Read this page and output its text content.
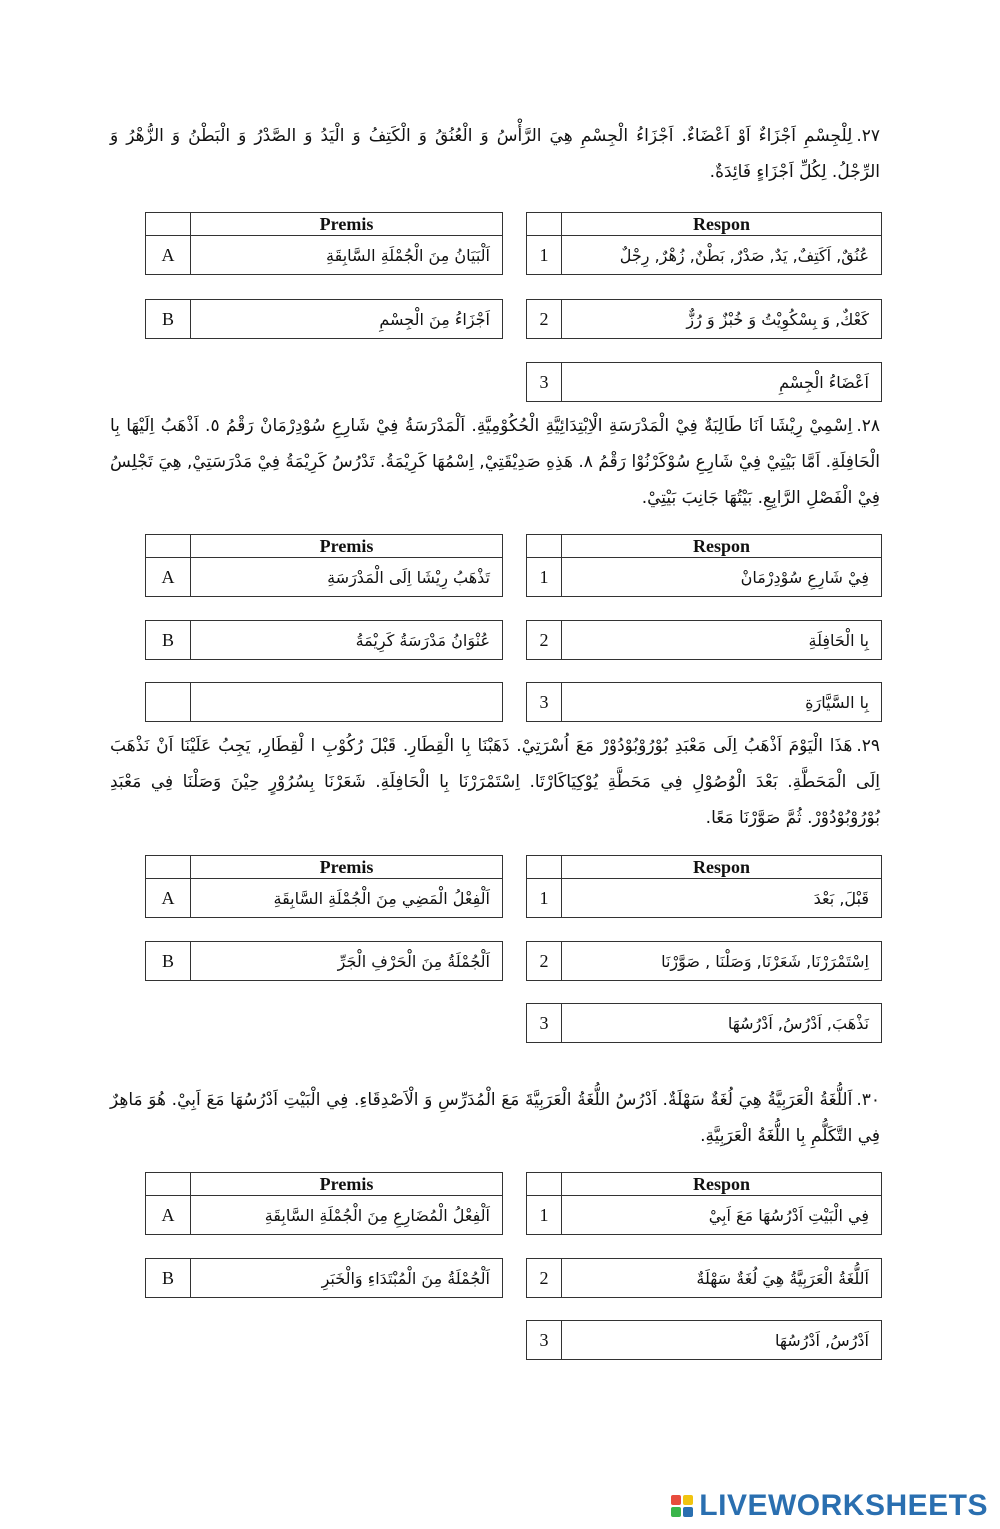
٢٧.لِلْجِسْمِ اَجْزَاءٌ اَوْ اَعْضَاءٌ. اَجْزَاءُ الْجِسْمِ هِيَ الرَّأْسُ وَ الْعُنُقُ وَ الْكَتِفُ وَ الْيَدُ وَ الصَّدْرُ وَ الْبَطْنُ وَ الزُّهْرُ وَ الرِّجْلُ. لِكُلِّ اَجْزَاءٍ فَائِدَةٌ.
	Premis
A	اَلْبَيَانُ مِنَ الْجُمْلَةِ السَّابِقَةِ
B	اَجْزَاءُ مِنَ الْجِسْمِ
	Respon
1	عُنُقٌ, اَكَتِفٌ, يَدٌ, صَدْرٌ, بَطْنٌ, زُهْرٌ, رِجْلٌ
2	كَعْكٌ, وَ بِسْكُوِيْتُ وَ خُبْزٌ وَ رُزٌّ
3	اَعْضَاءُ الْجِسْمِ
٢٨.اِسْمِيْ رِيْشَا اَنَا طَالِبَةٌ فِيْ الْمَدْرَسَةِ الْاِبْتِدَائِيَّةِ الْحُكُوْمِيَّةِ. اَلْمَدْرَسَةُ فِيْ شَارِعِ سُوْدِرْمَانْ رَقْمُ ٥. اَذْهَبُ اِلَيْهَا بِا الْحَافِلَةِ. اَمَّا بَيْتِيْ فِيْ شَارِعِ سُوْكَرْنُوْا رَقْمُ ٨. هَذِهِ صَدِيْقَتِيْ, اِسْمُهَا كَرِيْمَةُ. تَدْرُسُ كَرِيْمَةُ فِيْ مَدْرَسَتِيْ, هِيَ تَجْلِسُ فِيْ الْفَصْلِ الرَّابِعِ. بَيْتُهَا جَانِبَ بَيْتِيْ.
	Premis
A	تَذْهَبُ رِيْشَا اِلَى الْمَدْرَسَةِ
B	عُنْوَانُ مَدْرَسَةُ كَرِيْمَةُ

	Respon
1	فِيْ شَارِعِ سُوْدِرْمَانْ
2	بِا الْحَافِلَةِ
3	بِا السَّيَّارَةِ
٢٩.هَذَا الْيَوْمَ اَذْهَبُ اِلَى مَعْبَدِ بُوْرُوْبُوْدُوْرْ مَعَ اُسْرَتِيْ. ذَهَبْنَا بِا الْقِطَارِ. قَبْلَ رُكُوْبِ ا لْقِطَارِ, يَجِبُ عَلَيْنَا اَنْ نَذْهَبَ اِلَى الْمَحَطَّةِ. بَعْدَ الْوُصُوْلِ فِي مَحَطَّةِ يُوْكِيَاكَارْتَا. اِسْتَمْرَرْنَا بِا الْحَافِلَةِ. شَعَرْنَا بِسُرُوْرٍ حِيْنَ وَصَلْنَا فِي مَعْبَدِ بُوْرُوْبُوْدُوْرْ. ثُمَّ صَوَّرْنَا مَعًا.
	Premis
A	اَلْفِعْلُ الْمَضِي مِنَ الْجُمْلَةِ السَّابِقَةِ
B	اَلْجُمْلَةُ مِنَ الْحَرْفِ الْجَرِّ
	Respon
1	قَبْلَ, بَعْدَ
2	اِسْتَمْرَرْنَا, شَعَرْنَا, وَصَلْنَا , صَوَّرْنَا
3	نَذْهَبَ, اَدْرُسُ, اَدْرُسُهَا
٣٠.اَللُّغَةُ الْعَرَبِيَّةُ هِيَ لُغَةٌ سَهْلَةٌ. اَدْرُسُ اللُّغَةُ الْعَرَبِيَّةَ مَعَ الْمُدَرِّسِ وَ الْاَصْدِقَاءِ. فِي الْبَيْتِ اَدْرُسُهَا مَعَ اَبِيْ. هُوَ مَاهِرٌ فِي التَّكَلُّمِ بِا اللُّغَةُ الْعَرَبِيَّةِ.
	Premis
A	اَلْفِعْلُ الْمُضَارِعِ مِنَ الْجُمْلَةِ السَّابِقَةِ
B	اَلْجُمْلَةُ مِنَ الْمُبْتَدَاءِ وَالْخَبَرِ
	Respon
1	فِي الْبَيْتِ اَدْرُسُهَا مَعَ اَبِيْ
2	اَللُّغَةُ الْعَرَبِيَّةُ هِيَ لُغَةٌ سَهْلَةٌ
3	اَدْرُسُ, اَدْرُسُهَا
LIVEWORKSHEETS
